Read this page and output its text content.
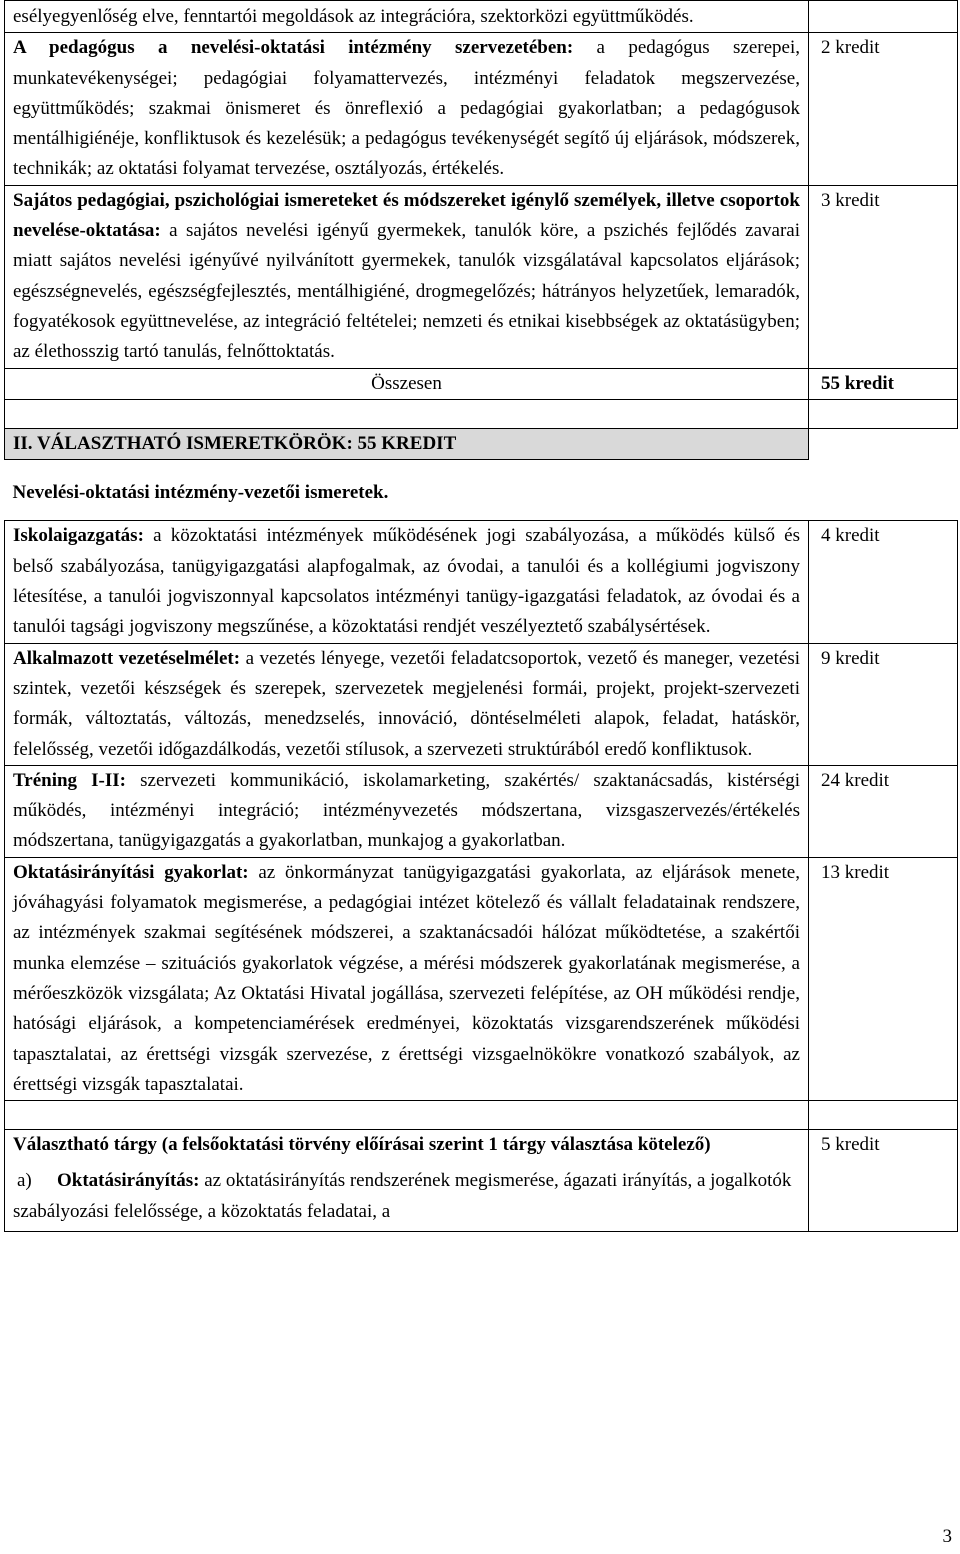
esélyegyenlőség elve, fenntartói megoldások az integrációra, szektorközi együttműködés.	
A pedagógus a nevelési-oktatási intézmény szervezetében: a pedagógus szerepei, munkatevékenységei; pedagógiai folyamattervezés, intézményi feladatok megszervezése, együttműködés; szakmai önismeret és önreflexió a pedagógiai gyakorlatban; a pedagógusok mentálhigiénéje, konfliktusok és kezelésük; a pedagógus tevékenységét segítő új eljárások, módszerek, technikák; az oktatási folyamat tervezése, osztályozás, értékelés.	2 kredit
Sajátos pedagógiai, pszichológiai ismereteket és módszereket igénylő személyek, illetve csoportok nevelése-oktatása: a sajátos nevelési igényű gyermekek, tanulók köre, a pszichés fejlődés zavarai miatt sajátos nevelési igényűvé nyilvánított gyermekek, tanulók vizsgálatával kapcsolatos eljárások; egészségnevelés, egészségfejlesztés, mentálhigiéné, drogmegelőzés; hátrányos helyzetűek, lemaradók, fogyatékosok együttnevelése, az integráció feltételei; nemzeti és etnikai kisebbségek az oktatásügyben; az élethosszig tartó tanulás, felnőttoktatás.	3 kredit
Összesen	55 kredit

II. VÁLASZTHATÓ ISMERETKÖRÖK: 55 KREDIT	
Nevelési-oktatási intézmény-vezetői ismeretek.	
Iskolaigazgatás: a közoktatási intézmények működésének jogi szabályozása, a működés külső és belső szabályozása, tanügyigazgatási alapfogalmak, az óvodai, a tanulói és a kollégiumi jogviszony létesítése, a tanulói jogviszonnyal kapcsolatos intézményi tanügy-igazgatási feladatok, az óvodai és a tanulói tagsági jogviszony megszűnése, a közoktatási rendjét veszélyeztető szabálysértések.	4 kredit
Alkalmazott vezetéselmélet: a vezetés lényege, vezetői feladatcsoportok, vezető és maneger, vezetési szintek, vezetői készségek és szerepek, szervezetek megjelenési formái, projekt, projekt-szervezeti formák, változtatás, változás, menedzselés, innováció, döntéselméleti alapok, feladat, hatáskör, felelősség, vezetői időgazdálkodás, vezetői stílusok, a szervezeti struktúrából eredő konfliktusok.	9 kredit
Tréning I-II: szervezeti kommunikáció, iskolamarketing, szakértés/ szaktanácsadás, kistérségi működés, intézményi integráció; intézményvezetés módszertana, vizsgaszervezés/értékelés módszertana, tanügyigazgatás a gyakorlatban, munkajog a gyakorlatban.	24 kredit
Oktatásirányítási gyakorlat: az önkormányzat tanügyigazgatási gyakorlata, az eljárások menete, jóváhagyási folyamatok megismerése, a pedagógiai intézet kötelező és vállalt feladatainak rendszere, az intézmények szakmai segítésének módszerei, a szaktanácsadói hálózat működtetése, a szakértői munka elemzése – szituációs gyakorlatok végzése, a mérési módszerek gyakorlatának megismerése, a mérőeszközök vizsgálata; Az Oktatási Hivatal jogállása, szervezeti felépítése, az OH működési rendje, hatósági eljárások, a kompetenciamérések eredményei, közoktatás vizsgarendszerének működési tapasztalatai, az érettségi vizsgák szervezése, z érettségi vizsgaelnökökre vonatkozó szabályok, az érettségi vizsgák tapasztalatai.	13 kredit

Választható tárgy (a felsőoktatási törvény előírásai szerint 1 tárgy választása kötelező)
a) Oktatásirányítás: az oktatásirányítás rendszerének megismerése, ágazati irányítás, a jogalkotók szabályozási felelőssége, a közoktatás feladatai, a	5 kredit
3
